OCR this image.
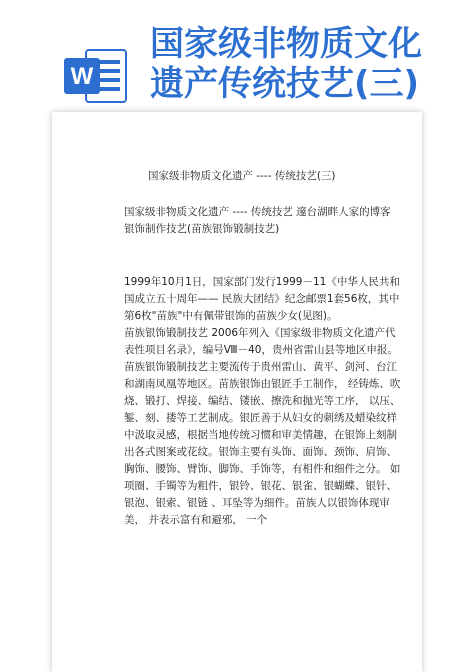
W
国家级非物质文化
遗产传统技艺(三)
国家级非物质文化遗产 ---- 传统技艺(三)
国家级非物质文化遗产 ---- 传统技艺 邃台湖畔人家的博客 银饰制作技艺(苗族银饰锻制技艺)

1999年10月1日，国家部门发行1999－11《中华人民共和国成立五十周年—— 民族大团结》纪念邮票1套56枚，其中第6枚"苗族"中有佩带银饰的苗族少女(见图)。

苗族银饰锻制技艺 2006年列入《国家级非物质文化遗产代表性项目名录》，编号Ⅷ－40，贵州省雷山县等地区申报。

苗族银饰锻制技艺主要流传于贵州雷山、黄平、剑河、台江和湖南凤凰等地区。苗族银饰由银匠手工制作， 经铸炼、吹烧、锻打、焊接、编结、镂嵌、擦洗和抛光等工序， 以压、錾、刻、搂等工艺制成。银匠善于从妇女的刺绣及蜡染纹样中汲取灵感，根据当地传统习惯和审美情趣，在银饰上刻制出各式图案或花纹。银饰主要有头饰、面饰、颈饰、肩饰、胸饰、腰饰、臂饰、脚饰、手饰等，有相件和细件之分。 如项圈、手镯等为粗件，银铃、银花、银雀、银蝴蝶、银针、银泡、银索、银链 、耳坠等为细件。苗族人以银饰体现审美， 并表示富有和避邪， 一个
